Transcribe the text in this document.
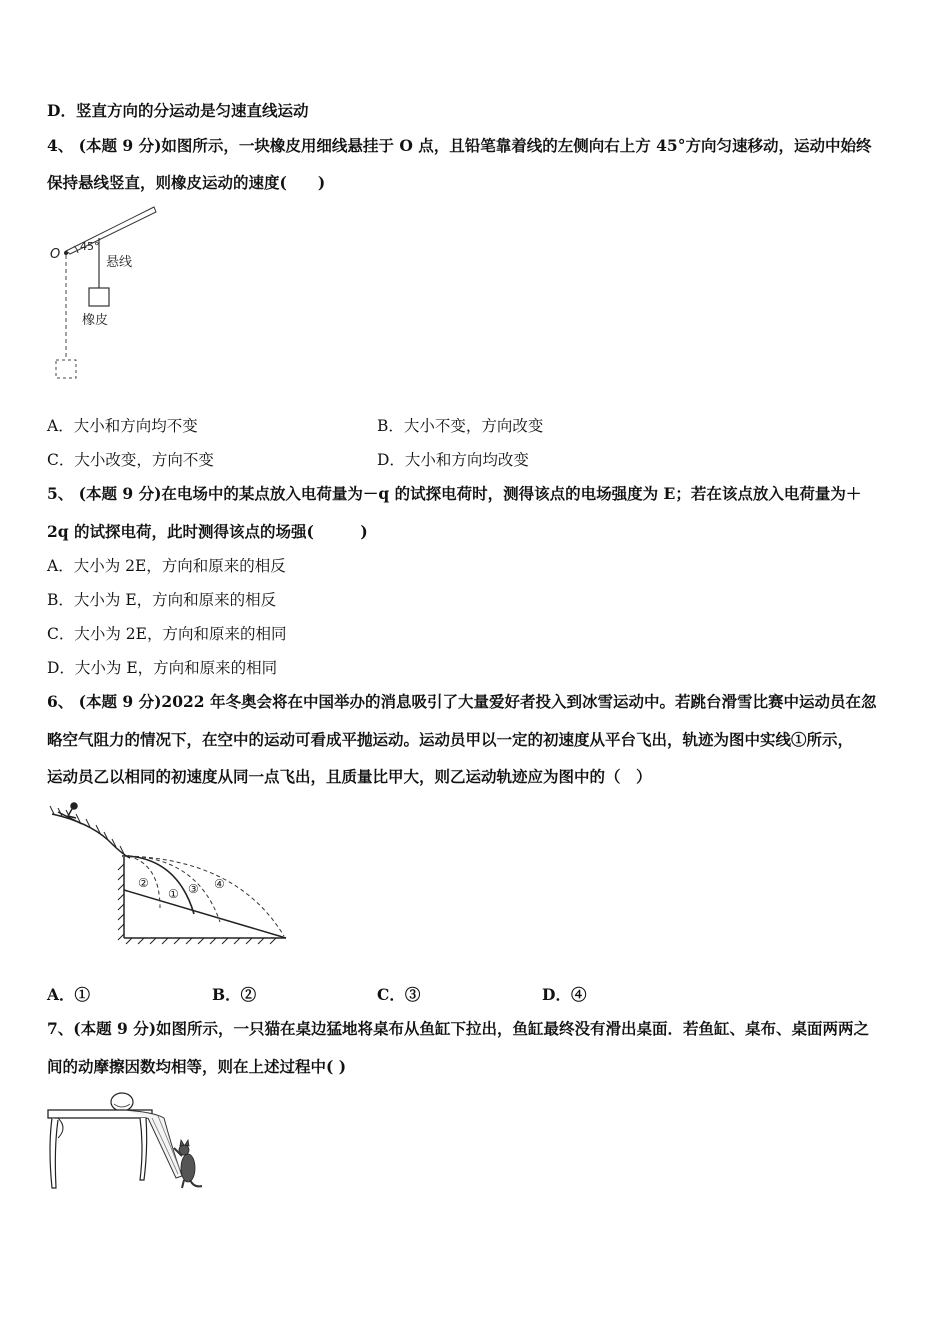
D．竖直方向的分运动是匀速直线运动
4、 (本题 9 分)如图所示，一块橡皮用细线悬挂于 O 点，且铅笔靠着线的左侧向右上方 45°方向匀速移动，运动中始终
保持悬线竖直，则橡皮运动的速度(　　)
O
45°
悬线
橡皮
A．大小和方向均不变	B．大小不变，方向改变
C．大小改变，方向不变	D．大小和方向均改变
5、 (本题 9 分)在电场中的某点放入电荷量为－q 的试探电荷时，测得该点的电场强度为 E；若在该点放入电荷量为＋
2q 的试探电荷，此时测得该点的场强(　　　)
A．大小为 2E，方向和原来的相反
B．大小为 E，方向和原来的相反
C．大小为 2E，方向和原来的相同
D．大小为 E，方向和原来的相同
6、 (本题 9 分)2022 年冬奥会将在中国举办的消息吸引了大量爱好者投入到冰雪运动中。若跳台滑雪比赛中运动员在忽
略空气阻力的情况下，在空中的运动可看成平抛运动。运动员甲以一定的初速度从平台飞出，轨迹为图中实线①所示，
运动员乙以相同的初速度从同一点飞出，且质量比甲大，则乙运动轨迹应为图中的（　）
②
① ③ ④
A．①	B．②	C．③	D．④
7、(本题 9 分)如图所示，一只猫在桌边猛地将桌布从鱼缸下拉出，鱼缸最终没有滑出桌面．若鱼缸、桌布、桌面两两之
间的动摩擦因数均相等，则在上述过程中( )
